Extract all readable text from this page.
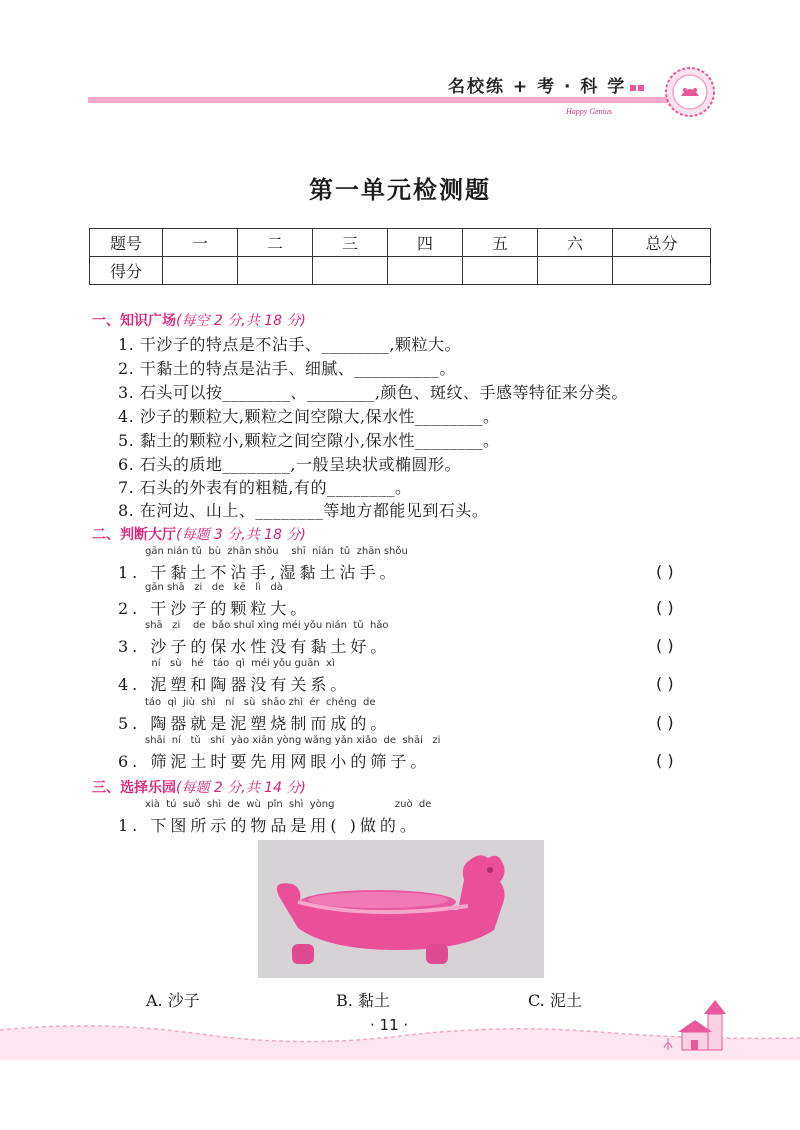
名校练 + 考 · 科 学
Happy Genius
第一单元检测题
题号	一	二	三	四	五	六	总分
得分							
一、知识广场(每空 2 分,共 18 分)
1. 干沙子的特点是不沾手、________,颗粒大。
2. 干黏土的特点是沾手、细腻、__________。
3. 石头可以按________、________,颜色、斑纹、手感等特征来分类。
4. 沙子的颗粒大,颗粒之间空隙大,保水性________。
5. 黏土的颗粒小,颗粒之间空隙小,保水性________。
6. 石头的质地________,一般呈块状或椭圆形。
7. 石头的外表有的粗糙,有的________。
8. 在河边、山上、________等地方都能见到石头。
二、判断大厅(每题 3 分,共 18 分)
gān nián tǔ  bù  zhān shǒu    shī  nián  tǔ  zhān shǒu
1. 干黏土不沾手,湿黏土沾手。	( )
gān shā   zi   de   kē   lì   dà
2. 干沙子的颗粒大。	( )
shā   zi    de  bǎo shuǐ xìng méi yǒu nián  tǔ  hǎo
3. 沙子的保水性没有黏土好。	( )
ní   sù   hé   táo  qì  méi yǒu guān  xì
4. 泥塑和陶器没有关系。	( )
táo  qì  jiù  shì   ní   sù  shāo zhì  ér  chéng  de
5. 陶器就是泥塑烧制而成的。	( )
shāi  ní   tǔ   shí  yào xiān yòng wǎng yǎn xiǎo  de  shāi   zi
6. 筛泥土时要先用网眼小的筛子。	( )
三、选择乐园(每题 2 分,共 14 分)
xià  tú  suǒ  shì  de  wù  pǐn  shì  yòng                   zuò  de
1. 下图所示的物品是用( )做的。
A. 沙子	B. 黏土	C. 泥土
· 11 ·
